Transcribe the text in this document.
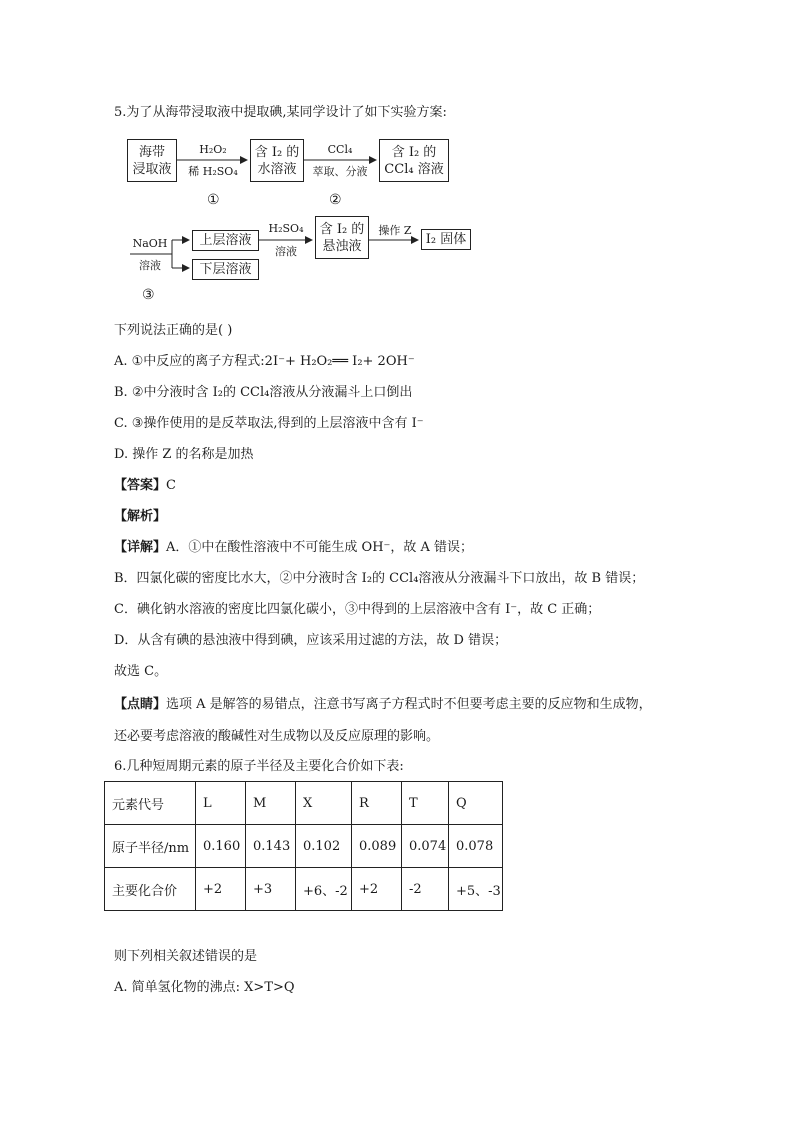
5.为了从海带浸取液中提取碘,某同学设计了如下实验方案:
海带
浸取液
H₂O₂
稀 H₂SO₄
含 I₂ 的
水溶液
CCl₄
萃取、分液
含 I₂ 的
CCl₄ 溶液
①	②
NaOH
溶液
上层溶液
下层溶液
H₂SO₄
溶液
含 I₂ 的
悬浊液
操作 Z
I₂ 固体
③
下列说法正确的是( )
A. ①中反应的离子方程式:2I⁻+ H₂O₂══ I₂+ 2OH⁻
B. ②中分液时含 I₂的 CCl₄溶液从分液漏斗上口倒出
C. ③操作使用的是反萃取法,得到的上层溶液中含有 I⁻
D. 操作 Z 的名称是加热
【答案】C
【解析】
【详解】A．①中在酸性溶液中不可能生成 OH⁻，故 A 错误；
B．四氯化碳的密度比水大，②中分液时含 I₂的 CCl₄溶液从分液漏斗下口放出，故 B 错误；
C．碘化钠水溶液的密度比四氯化碳小，③中得到的上层溶液中含有 I⁻，故 C 正确；
D．从含有碘的悬浊液中得到碘，应该采用过滤的方法，故 D 错误；
故选 C。
【点睛】选项 A 是解答的易错点，注意书写离子方程式时不但要考虑主要的反应物和生成物，
还必要考虑溶液的酸碱性对生成物以及反应原理的影响。
6.几种短周期元素的原子半径及主要化合价如下表:
元素代号	L	M	X	R	T	Q
原子半径/nm	0.160	0.143	0.102	0.089	0.074	0.078
主要化合价	+2	+3	+6、-2	+2	-2	+5、-3
则下列相关叙述错误的是
A. 简单氢化物的沸点: X>T>Q
